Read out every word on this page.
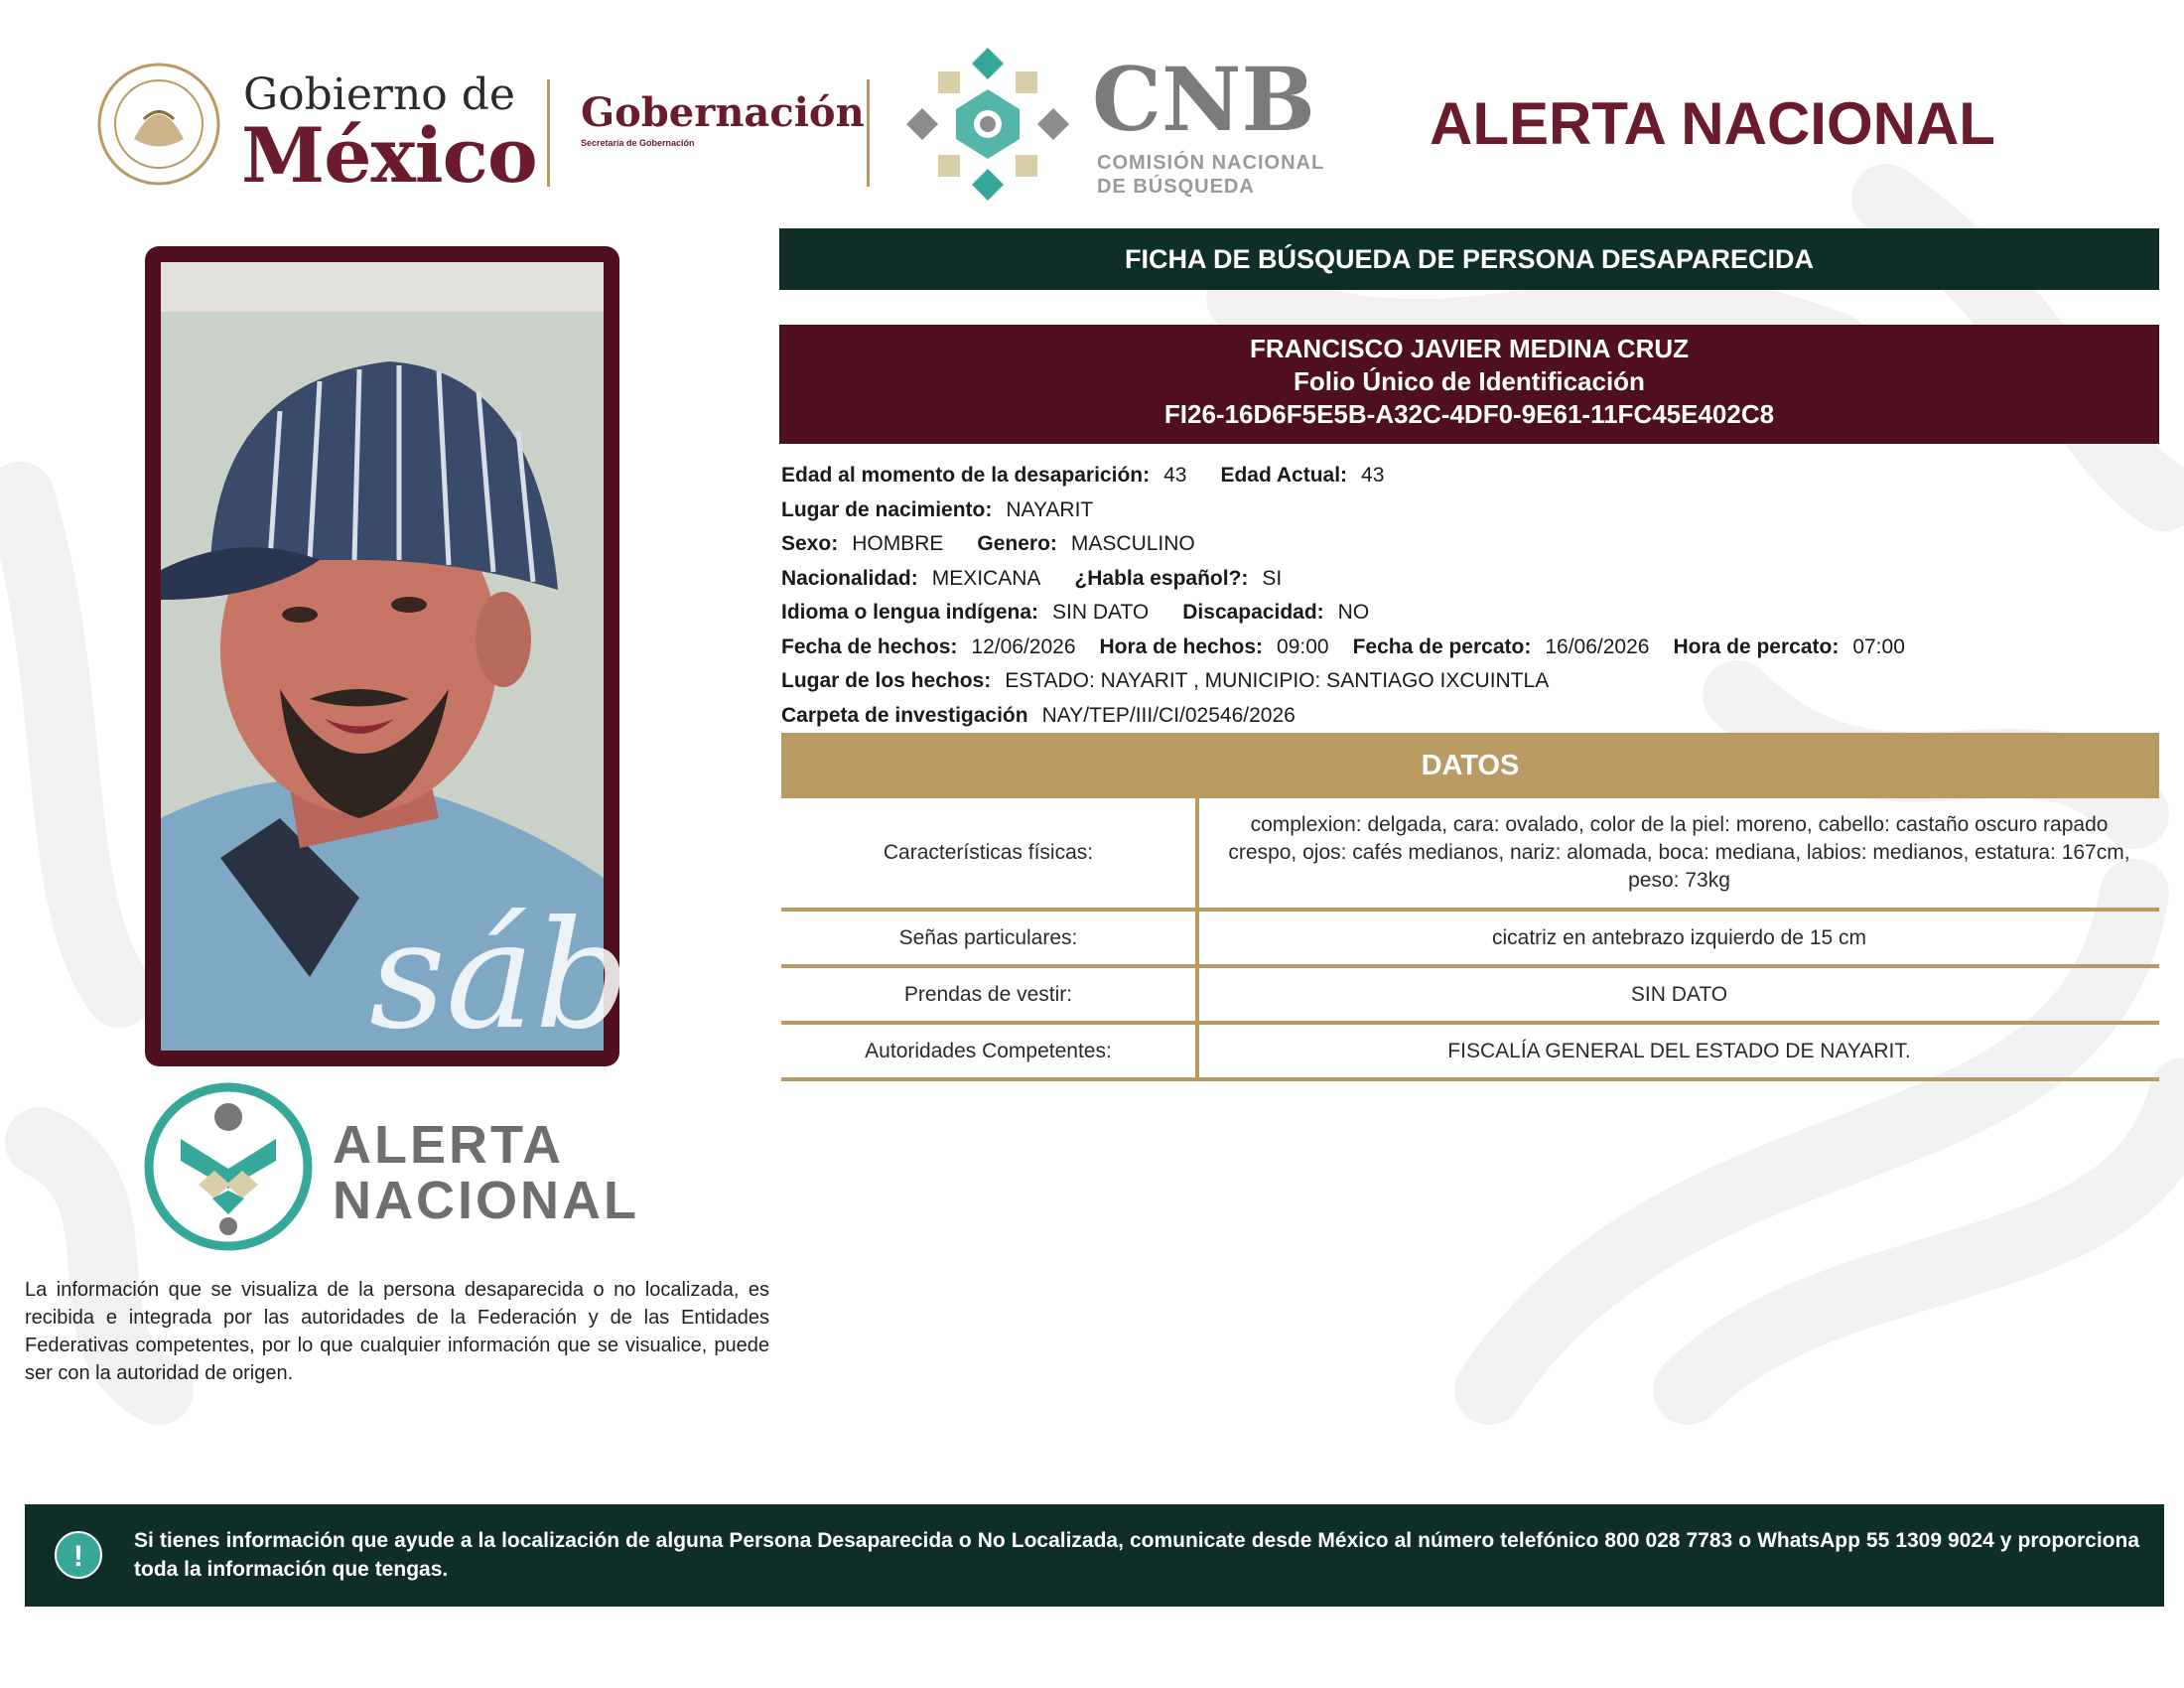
Gobierno de
México Gobernación
Secretaría de Gobernación	CNB
COMISIÓN NACIONAL
DE BÚSQUEDA
ALERTA NACIONAL
sáb
ALERTA
NACIONAL
La información que se visualiza de la persona desaparecida o no localizada, es recibida e integrada por las autoridades de la Federación y de las Entidades Federativas competentes, por lo que cualquier información que se visualice, puede ser con la autoridad de origen.
FICHA DE BÚSQUEDA DE PERSONA DESAPARECIDA
FRANCISCO JAVIER MEDINA CRUZ
Folio Único de Identificación
FI26-16D6F5E5B-A32C-4DF0-9E61-11FC45E402C8
Edad al momento de la desaparición: 43 Edad Actual: 43
Lugar de nacimiento: NAYARIT
Sexo: HOMBRE Genero: MASCULINO
Nacionalidad: MEXICANA ¿Habla español?: SI
Idioma o lengua indígena: SIN DATO Discapacidad: NO
Fecha de hechos: 12/06/2026 Hora de hechos: 09:00 Fecha de percato: 16/06/2026 Hora de percato: 07:00
Lugar de los hechos: ESTADO: NAYARIT , MUNICIPIO: SANTIAGO IXCUINTLA
Carpeta de investigación NAY/TEP/III/CI/02546/2026
DATOS
Características físicas:	complexion: delgada, cara: ovalado, color de la piel: moreno, cabello: castaño oscuro rapado crespo, ojos: cafés medianos, nariz: alomada, boca: mediana, labios: medianos, estatura: 167cm, peso: 73kg
Señas particulares:	cicatriz en antebrazo izquierdo de 15 cm
Prendas de vestir:	SIN DATO
Autoridades Competentes:	FISCALÍA GENERAL DEL ESTADO DE NAYARIT.
!	Si tienes información que ayude a la localización de alguna Persona Desaparecida o No Localizada, comunicate desde México al número telefónico 800 028 7783 o WhatsApp 55 1309 9024 y proporciona toda la información que tengas.
